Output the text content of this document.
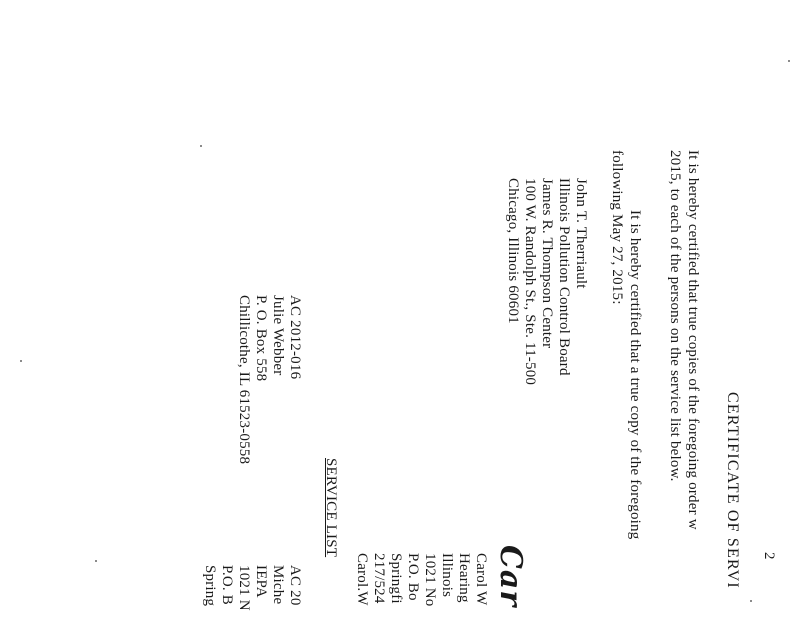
2
CERTIFICATE OF SERVI
It is hereby certified that true copies of the foregoing order w
2015, to each of the persons on the service list below.
It is hereby certified that a true copy of the foregoing
following May 27, 2015:
John T. Therriault
Illinois Pollution Control Board
James R. Thompson Center
100 W. Randolph St., Ste. 11-500
Chicago, Illinois 60601
Car
Carol W
Hearing
Illinois
1021 No
P.O. Bo
Springfi
217/524
Carol.W
SERVICE LIST
AC 2012-016
Julie Webber
P. O. Box 558
Chillicothe, IL 61523-0558
AC 20
Miche
IEPA
1021 N
P.O. B
Spring
